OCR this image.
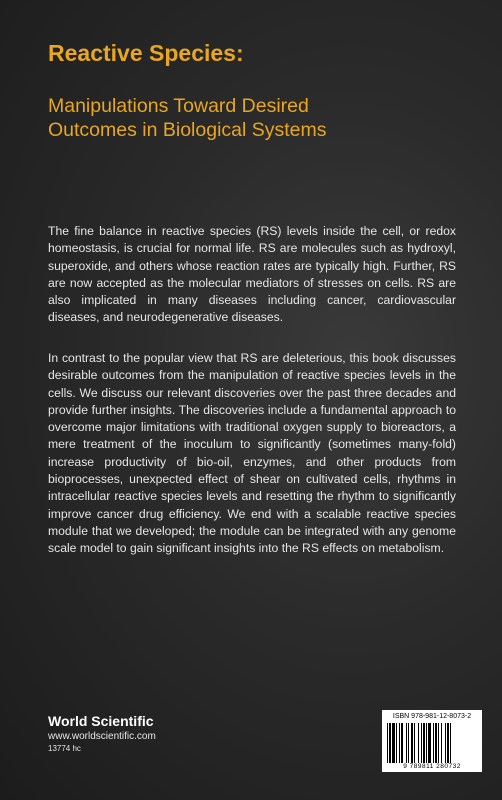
Reactive Species:
Manipulations Toward Desired Outcomes in Biological Systems

The fine balance in reactive species (RS) levels inside the cell, or redox homeostasis, is crucial for normal life. RS are molecules such as hydroxyl, superoxide, and others whose reaction rates are typically high. Further, RS are now accepted as the molecular mediators of stresses on cells. RS are also implicated in many diseases including cancer, cardiovascular diseases, and neurodegenerative diseases.

In contrast to the popular view that RS are deleterious, this book discusses desirable outcomes from the manipulation of reactive species levels in the cells. We discuss our relevant discoveries over the past three decades and provide further insights. The discoveries include a fundamental approach to overcome major limitations with traditional oxygen supply to bioreactors, a mere treatment of the inoculum to significantly (sometimes many-fold) increase productivity of bio-oil, enzymes, and other products from bioprocesses, unexpected effect of shear on cultivated cells, rhythms in intracellular reactive species levels and resetting the rhythm to significantly improve cancer drug efficiency. We end with a scalable reactive species module that we developed; the module can be integrated with any genome scale model to gain significant insights into the RS effects on metabolism.

World Scientific
www.worldscientific.com
13774 hc
ISBN 978-981-12-8073-2
9 789811 280732
